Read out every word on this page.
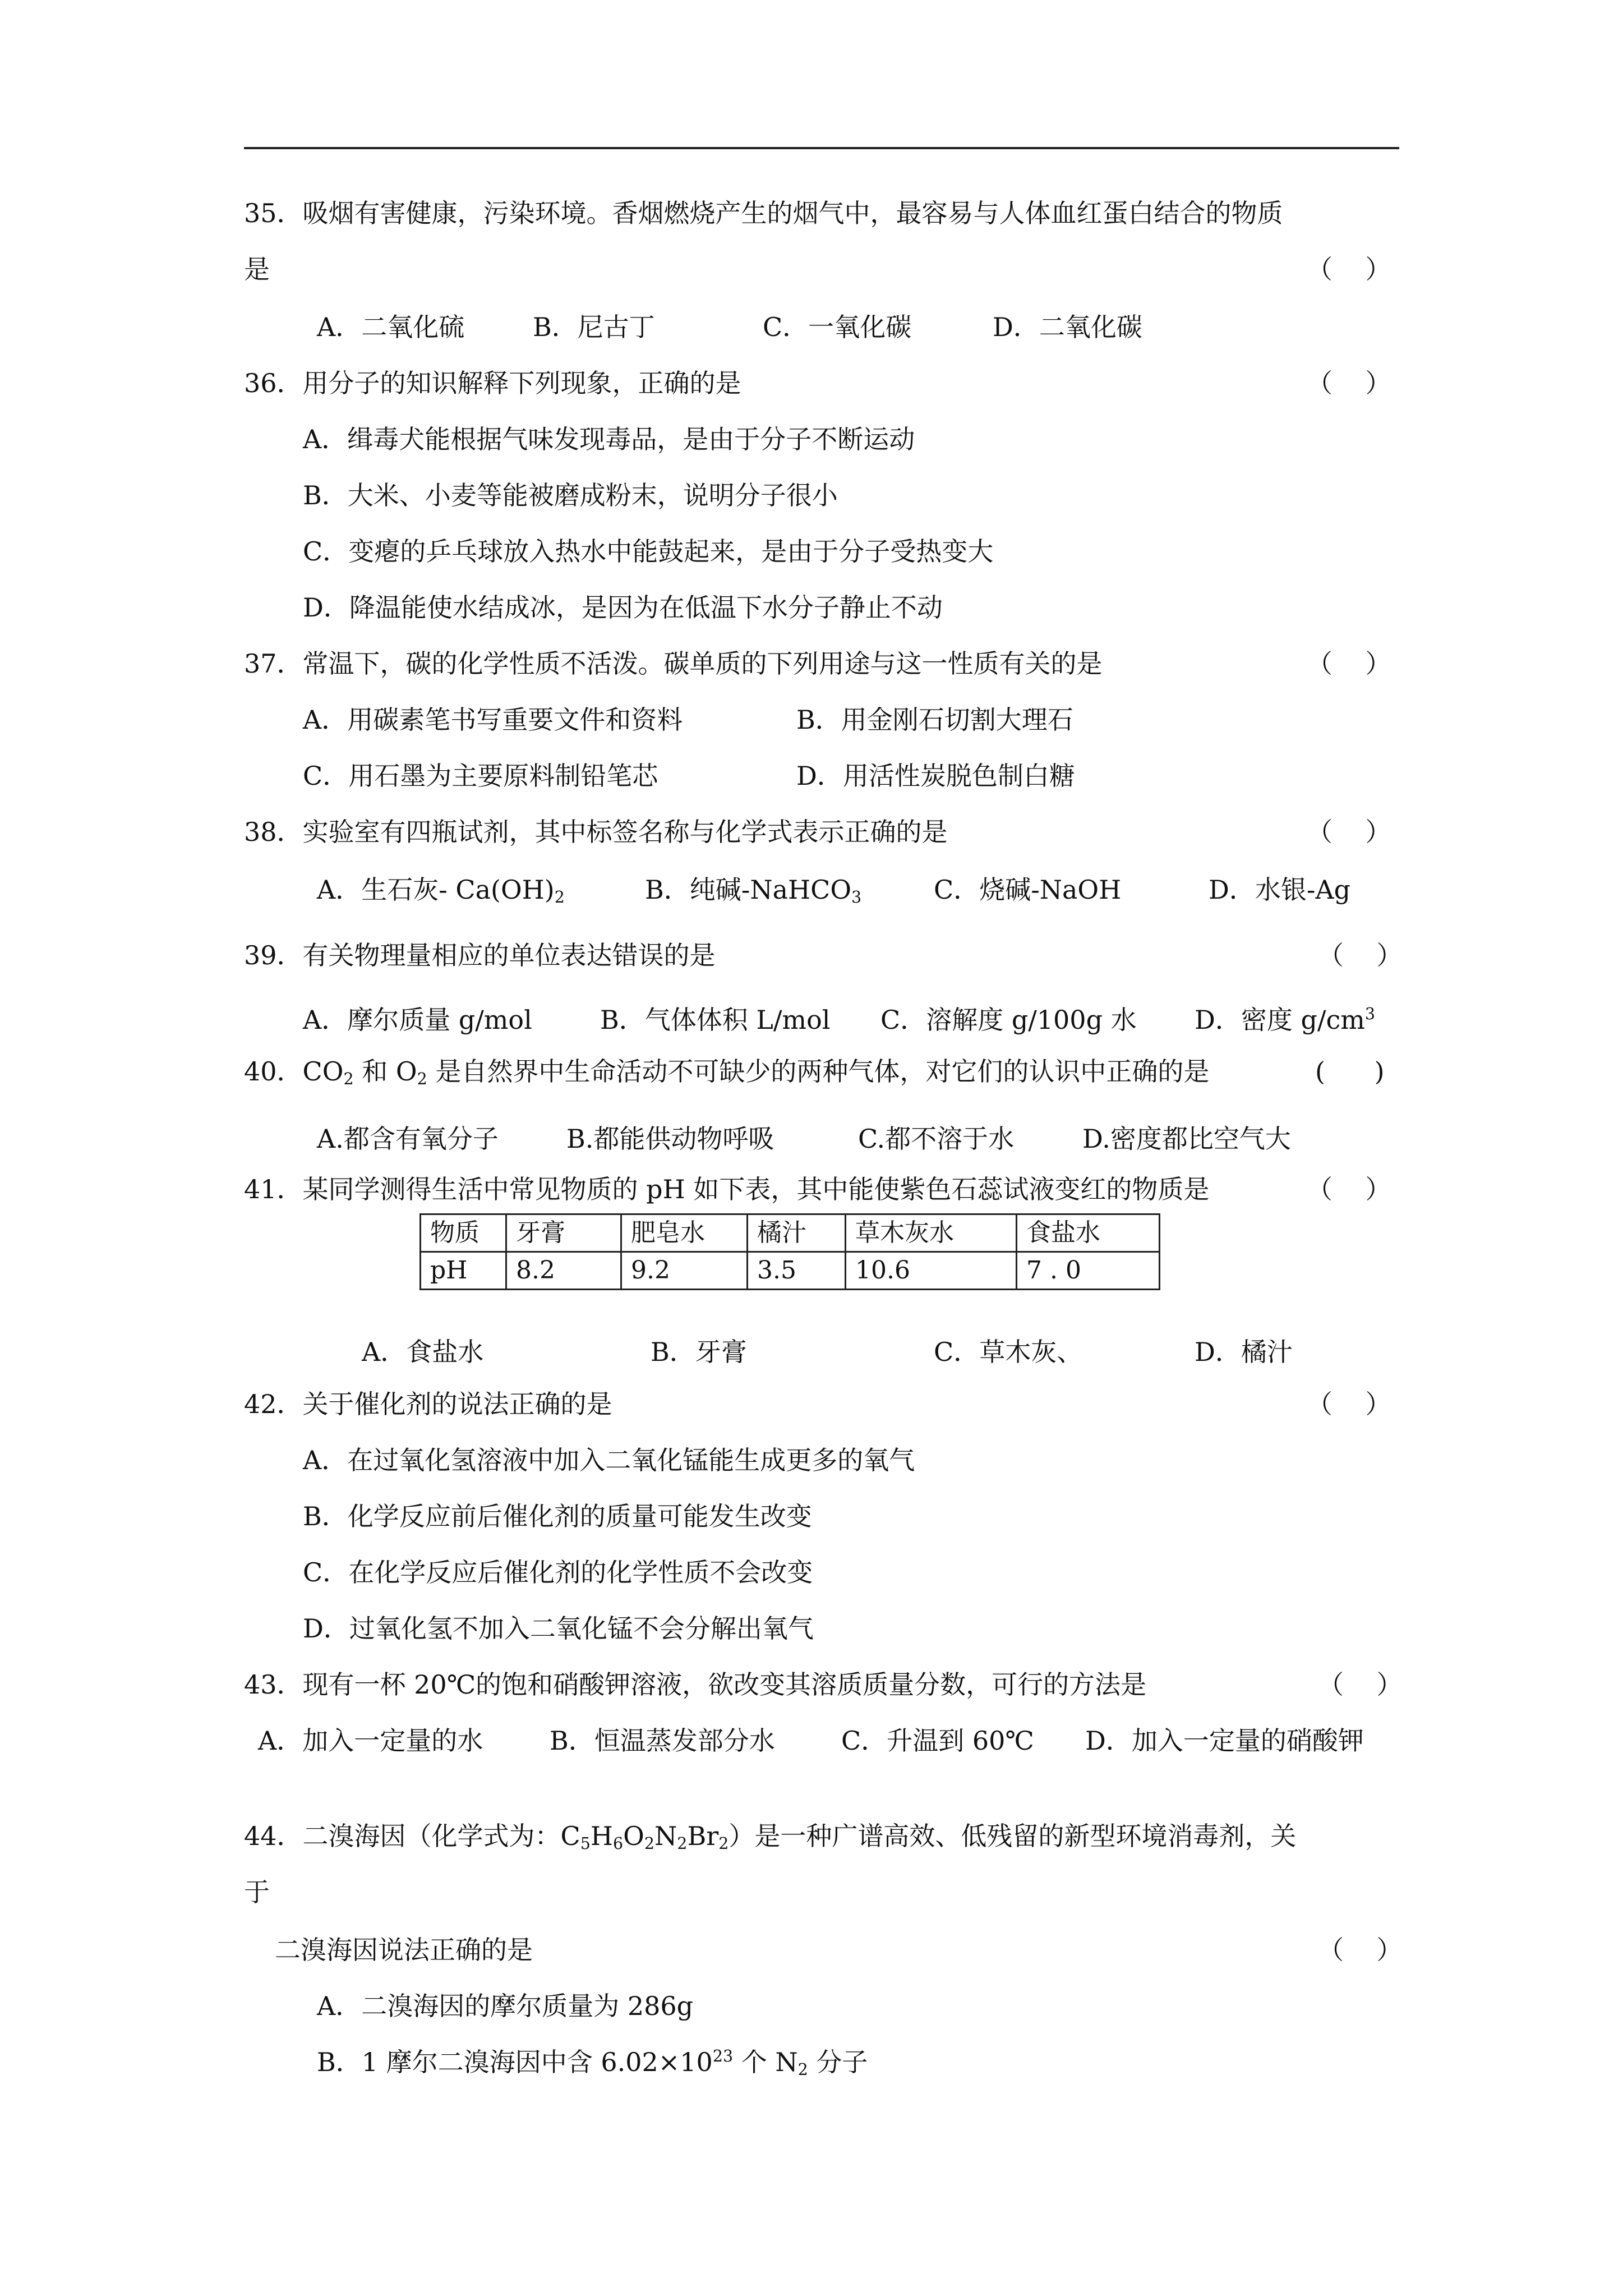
35．吸烟有害健康，污染环境。香烟燃烧产生的烟气中，最容易与人体血红蛋白结合的物质
是	（    ）
A．二氧化硫	B．尼古丁	C．一氧化碳	D．二氧化碳
36．用分子的知识解释下列现象，正确的是	（    ）
A．缉毒犬能根据气味发现毒品，是由于分子不断运动
B．大米、小麦等能被磨成粉末，说明分子很小
C．变瘪的乒乓球放入热水中能鼓起来，是由于分子受热变大
D．降温能使水结成冰，是因为在低温下水分子静止不动
37．常温下，碳的化学性质不活泼。碳单质的下列用途与这一性质有关的是	（    ）
A．用碳素笔书写重要文件和资料	B．用金刚石切割大理石
C．用石墨为主要原料制铅笔芯	D．用活性炭脱色制白糖
38．实验室有四瓶试剂，其中标签名称与化学式表示正确的是	（    ）
A．生石灰- $Ca(OH)_2$	B．纯碱-NaHCO$_3$	C．烧碱-NaOH	D．水银-Ag
39．有关物理量相应的单位表达错误的是	（    ）
A．摩尔质量 g/mol	B．气体体积 L/mol C．溶解度 g/100g 水 D．密度 $g/cm^3$
40．$CO_2$ 和 $O_2$ 是自然界中生命活动不可缺少的两种气体，对它们的认识中正确的是	(      )
A.都含有氧分子	B.都能供动物呼吸	C.都不溶于水	D.密度都比空气大
41．某同学测得生活中常见物质的 pH 如下表，其中能使紫色石蕊试液变红的物质是	（    ）
物质	牙膏	肥皂水	橘汁	草木灰水	食盐水
pH	8.2	9.2	3.5	10.6	7 . 0
A．食盐水	B．牙膏	C．草木灰、	D．橘汁
42．关于催化剂的说法正确的是	（    ）
A．在过氧化氢溶液中加入二氧化锰能生成更多的氧气
B．化学反应前后催化剂的质量可能发生改变
C．在化学反应后催化剂的化学性质不会改变
D．过氧化氢不加入二氧化锰不会分解出氧气
43．现有一杯 20℃的饱和硝酸钾溶液，欲改变其溶质质量分数，可行的方法是	（    ）
A．加入一定量的水	B．恒温蒸发部分水	C．升温到 60℃ D．加入一定量的硝酸钾
44．二溴海因（化学式为：$C_5H_6O_2N_2Br_2$）是一种广谱高效、低残留的新型环境消毒剂，关
于
二溴海因说法正确的是	（    ）
A．二溴海因的摩尔质量为 286g
B．1 摩尔二溴海因中含 $6.02\times 10^{23}$ 个 $N_2$ 分子
